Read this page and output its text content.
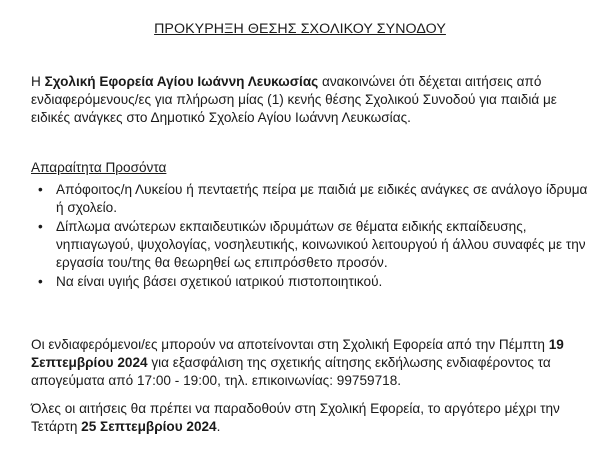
ΠΡΟΚΥΡΗΞΗ ΘΕΣΗΣ ΣΧΟΛΙΚΟΥ ΣΥΝΟΔΟΥ
Η Σχολική Εφορεία Αγίου Ιωάννη Λευκωσίας ανακοινώνει ότι δέχεται αιτήσεις από ενδιαφερόμενους/ες για πλήρωση μίας (1) κενής θέσης Σχολικού Συνοδού για παιδιά με ειδικές ανάγκες στο Δημοτικό Σχολείο Αγίου Ιωάννη Λευκωσίας.
Απαραίτητα Προσόντα
• Απόφοιτος/η Λυκείου ή πενταετής πείρα με παιδιά με ειδικές ανάγκες σε ανάλογο ίδρυμα ή σχολείο.
• Δίπλωμα ανώτερων εκπαιδευτικών ιδρυμάτων σε θέματα ειδικής εκπαίδευσης, νηπιαγωγού, ψυχολογίας, νοσηλευτικής, κοινωνικού λειτουργού ή άλλου συναφές με την εργασία του/της θα θεωρηθεί ως επιπρόσθετο προσόν.
• Να είναι υγιής βάσει σχετικού ιατρικού πιστοποιητικού.
Οι ενδιαφερόμενοι/ες μπορούν να αποτείνονται στη Σχολική Εφορεία από την Πέμπτη 19 Σεπτεμβρίου 2024 για εξασφάλιση της σχετικής αίτησης εκδήλωσης ενδιαφέροντος τα απογεύματα από 17:00 - 19:00, τηλ. επικοινωνίας: 99759718.
Όλες οι αιτήσεις θα πρέπει να παραδοθούν στη Σχολική Εφορεία, το αργότερο μέχρι την Τετάρτη 25 Σεπτεμβρίου 2024.
